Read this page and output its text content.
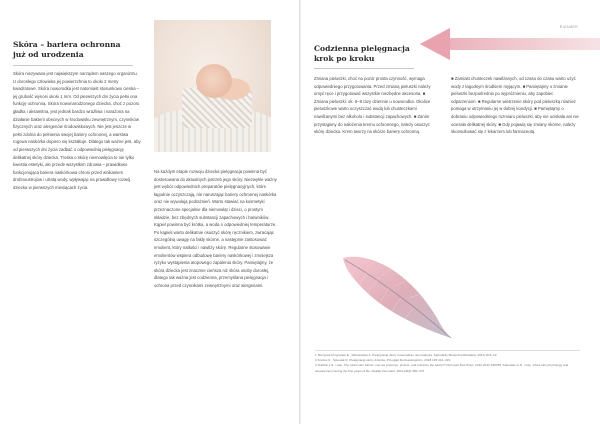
Skóra – bariera ochronna już od urodzenia
Skóra niezywana jest największym narządem naszego organizmu. U dorosłego człowieka jej powierzchnia to około 2 metry kwadratowe. Skóra noworodka jest natomiast stosunkowo cienka – jej grubość wynosi około 1 mm. Od pierwszych dni życia pełni ona funkcję ochronną. Skóra nowonarodzonego dziecka, choć z pozoru gładka i aksamitna, jest jednak bardzo wrażliwa i narażona na działanie bakterii obecnych w środowisku zewnętrznym, czynników fizycznych oraz alergenów środowiskowych. Nie jest jeszcze w pełni zdolna do pełnienia swojej bariery ochronnej, a warstwa rogowa naskórka dopiero się kształtuje. Dlatego tak ważne jest, aby od pierwszych dni życia zadbać o odpowiednią pielęgnację delikatnej skóry dziecka. Troska o skórę niemowlęcia to nie tylko kwestia estetyki, ale przede wszystkim zdrowia – prawidłowo funkcjonująca bariera naskórkowa chroni przed wnikaniem drobnoustrojów i utratą wody, wpływając na prawidłowy rozwój dziecka w pierwszych miesiącach życia.
Na każdym etapie rozwoju dziecka pielęgnacja powinna być dostosowana do aktualnych potrzeb jego skóry. Niezwykle ważny jest wybór odpowiednich preparatów pielęgnacyjnych, które łagodnie oczyszczają, nie naruszając bariery ochronnej naskórka oraz nie wywołują podrażnień. Warto stawiać na kosmetyki przeznaczone specjalnie dla niemowląt i dzieci, o prostym składzie, bez zbędnych substancji zapachowych i barwników. Kąpiel powinna być krótka, a woda o odpowiedniej temperaturze. Po kąpieli warto delikatnie osuszyć skórę ręcznikiem, zwracając szczególną uwagę na fałdy skórne, a następnie zastosować emolient, który natłuści i nawilży skórę. Regularne stosowanie emolientów wspiera odbudowę bariery naskórkowej i zmniejsza ryzyko wystąpienia atopowego zapalenia skóry. Pamiętajmy, że skóra dziecka jest znacznie cieńsza niż skóra osoby dorosłej, dlatego tak ważna jest codzienna, przemyślana pielęgnacja i ochrona przed czynnikami zewnętrznymi oraz alergenami.
RIZAMER
Codzienna pielęgnacja krok po kroku
Zmiana pieluszki, choć na pozór prosta czynność, wymaga odpowiedniego przygotowania. Przed zmianą pieluszki należy umyć ręce i przygotować wszystkie niezbędne akcesoria. ■ Zmiana pieluszki: ok. 6–8 razy dziennie u noworodka. Okolice pieluszkowe warto oczyszczać wodą lub chusteczkami nawilżanymi bez alkoholu i substancji zapachowych. ■ Zanim przystąpimy do nałożenia kremu ochronnego, należy osuszyć skórę dziecka. Krem tworzy na skórze barierę ochronną.
■ Zamiast chusteczek nawilżanych, od czasu do czasu warto użyć wody z łagodnym środkiem myjącym. ■ Pamiętajmy o zmianie pieluszki bezpośrednio po wypróżnieniu, aby zapobiec odparzeniom. ■ Regularne wietrzenie skóry pod pieluszką również pomaga w utrzymaniu jej w dobrej kondycji. ■ Pamiętajmy o dobraniu odpowiedniego rozmiaru pieluszki, aby nie uciskała ani nie ocierała delikatnej skóry. ■ Gdy pojawią się zmiany skórne, należy skonsultować się z lekarzem lub farmaceutą.
1 Skrzypek-Przypadek E., Wiśniewska A. Pielęgnacja skóry noworodka i niemowlęcia. Standardy Medyczne/Pediatria. 2019;16:5–12.
2 Kordus K., Śpiewak R. Pielęgnacja skóry dziecka. Przegląd Dermatologiczny. 2018;105:412–419.
3 Telofski L.S. i wsp. The infant skin barrier: can we preserve, protect, and enhance the barrier? Dermatol Res Pract. 2012;2012:198789. Stamatas G.N. i wsp. Infant skin physiology and development during the first years of life. Pediatr Dermatol. 2011;28(4):365–373.
